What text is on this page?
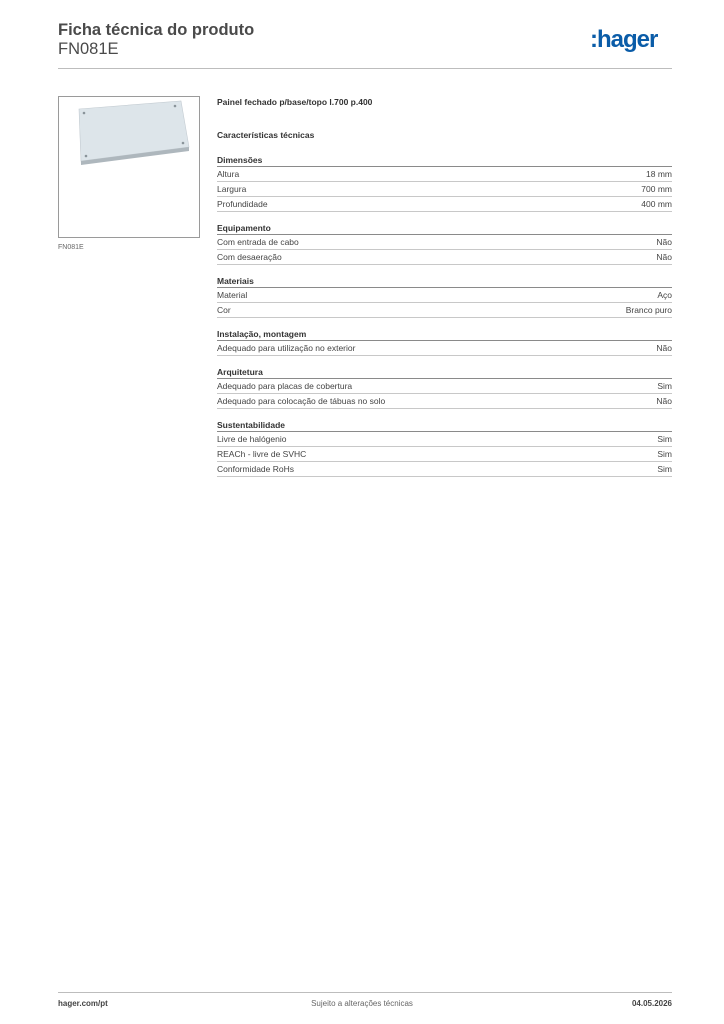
Ficha técnica do produto
FN081E	:hager
FN081E
Painel fechado p/base/topo l.700 p.400
Características técnicas
Dimensões
Altura	18 mm
Largura	700 mm
Profundidade	400 mm
Equipamento
Com entrada de cabo	Não
Com desaeração	Não
Materiais
Material	Aço
Cor	Branco puro
Instalação, montagem
Adequado para utilização no exterior	Não
Arquitetura
Adequado para placas de cobertura	Sim
Adequado para colocação de tábuas no solo	Não
Sustentabilidade
Livre de halógenio	Sim
REACh - livre de SVHC	Sim
Conformidade RoHs	Sim
hager.com/pt	Sujeito a alterações técnicas	04.05.2026
